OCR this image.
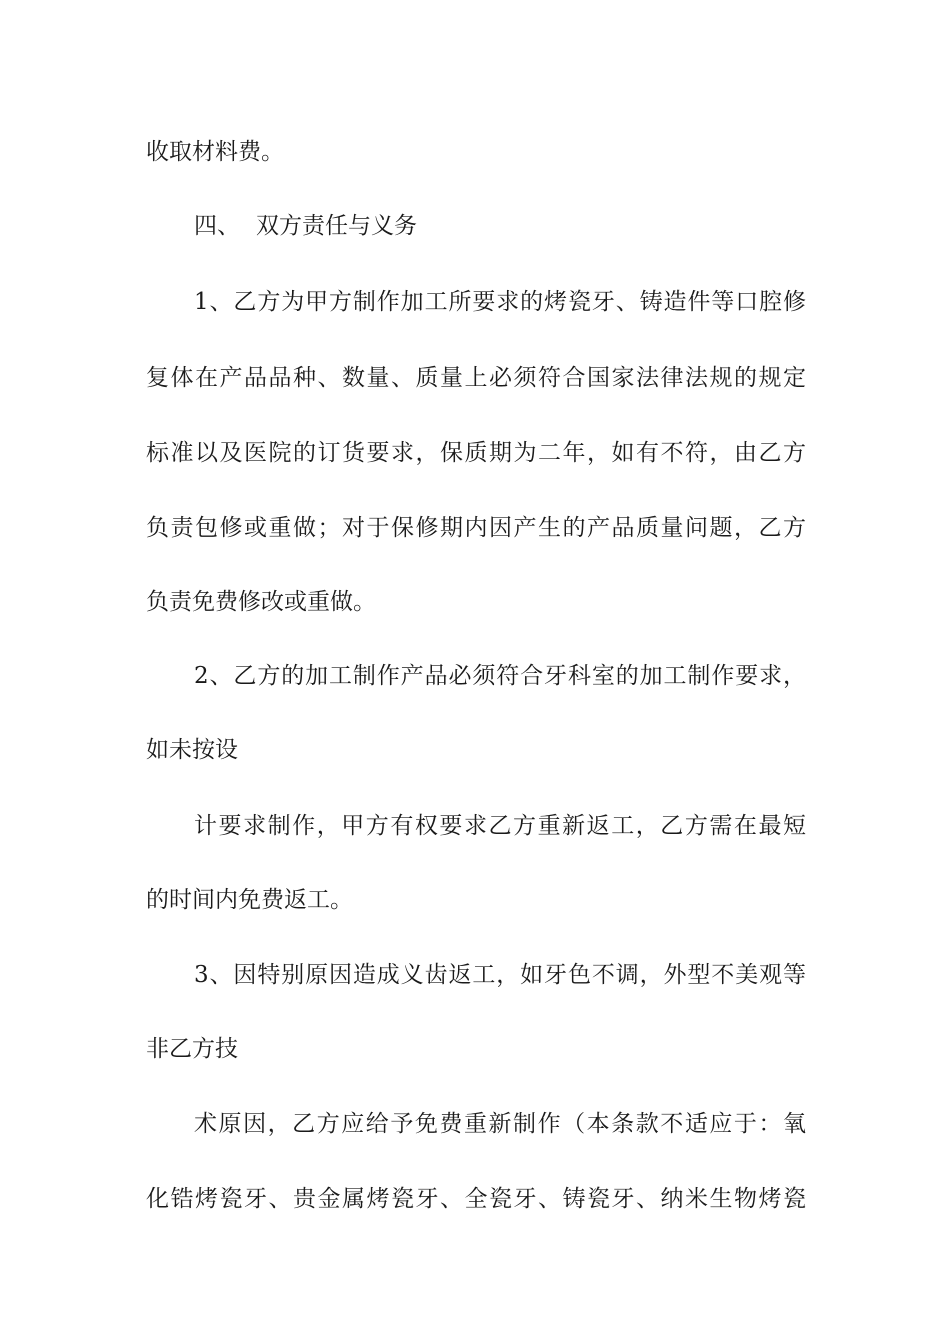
收取材料费。
四、 双方责任与义务
1、乙方为甲方制作加工所要求的烤瓷牙、铸造件等口腔修
复体在产品品种、数量、质量上必须符合国家法律法规的规定
标准以及医院的订货要求，保质期为二年，如有不符，由乙方
负责包修或重做；对于保修期内因产生的产品质量问题，乙方
负责免费修改或重做。
2、乙方的加工制作产品必须符合牙科室的加工制作要求，
如未按设
计要求制作，甲方有权要求乙方重新返工，乙方需在最短
的时间内免费返工。
3、因特别原因造成义齿返工，如牙色不调，外型不美观等
非乙方技
术原因，乙方应给予免费重新制作（本条款不适应于：氧
化锆烤瓷牙、贵金属烤瓷牙、全瓷牙、铸瓷牙、纳米生物烤瓷
